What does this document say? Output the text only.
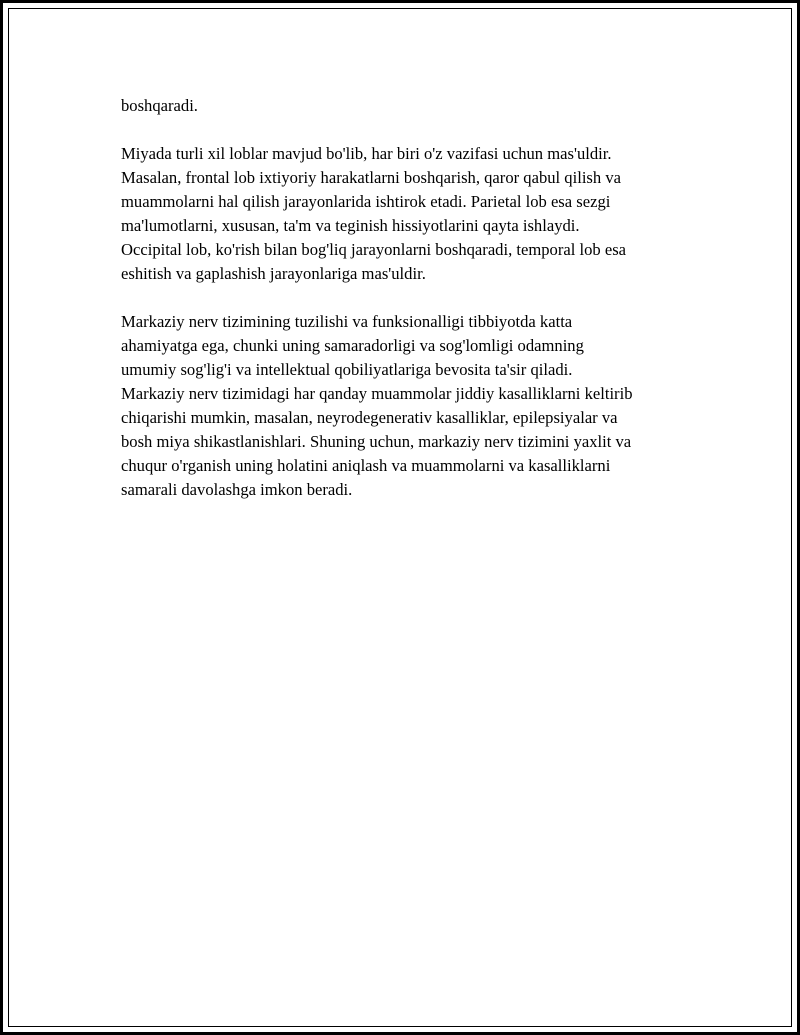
boshqaradi.

Miyada turli xil loblar mavjud bo'lib, har biri o'z vazifasi uchun mas'uldir.
Masalan, frontal lob ixtiyoriy harakatlarni boshqarish, qaror qabul qilish va
muammolarni hal qilish jarayonlarida ishtirok etadi. Parietal lob esa sezgi
ma'lumotlarni, xususan, ta'm va teginish hissiyotlarini qayta ishlaydi.
Occipital lob, ko'rish bilan bog'liq jarayonlarni boshqaradi, temporal lob esa
eshitish va gaplashish jarayonlariga mas'uldir.

Markaziy nerv tizimining tuzilishi va funksionalligi tibbiyotda katta
ahamiyatga ega, chunki uning samaradorligi va sog'lomligi odamning
umumiy sog'lig'i va intellektual qobiliyatlariga bevosita ta'sir qiladi.
Markaziy nerv tizimidagi har qanday muammolar jiddiy kasalliklarni keltirib
chiqarishi mumkin, masalan, neyrodegenerativ kasalliklar, epilepsiyalar va
bosh miya shikastlanishlari. Shuning uchun, markaziy nerv tizimini yaxlit va
chuqur o'rganish uning holatini aniqlash va muammolarni va kasalliklarni
samarali davolashga imkon beradi.
